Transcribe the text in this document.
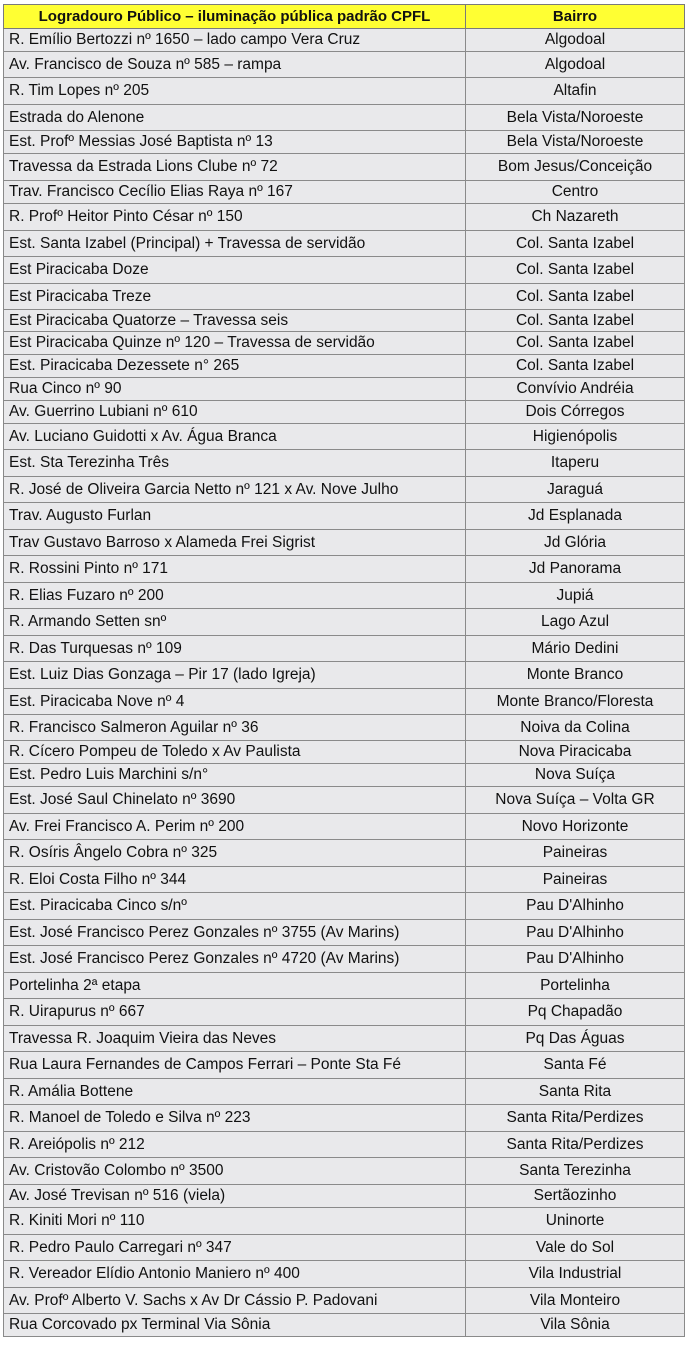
Logradouro Público – iluminação pública padrão CPFL	Bairro
R. Emílio Bertozzi nº 1650 – lado campo Vera Cruz	Algodoal
Av. Francisco de Souza nº 585 – rampa	Algodoal
R. Tim Lopes nº 205	Altafin
Estrada do Alenone	Bela Vista/Noroeste
Est. Profº Messias José Baptista nº 13	Bela Vista/Noroeste
Travessa da Estrada Lions Clube nº 72	Bom Jesus/Conceição
Trav. Francisco Cecílio Elias Raya nº 167	Centro
R. Profº Heitor Pinto César nº 150	Ch Nazareth
Est. Santa Izabel (Principal) + Travessa de servidão	Col. Santa Izabel
Est Piracicaba Doze	Col. Santa Izabel
Est Piracicaba Treze	Col. Santa Izabel
Est Piracicaba Quatorze – Travessa seis	Col. Santa Izabel
Est Piracicaba Quinze nº 120 – Travessa de servidão	Col. Santa Izabel
Est. Piracicaba Dezessete n° 265	Col. Santa Izabel
Rua Cinco nº 90	Convívio Andréia
Av. Guerrino Lubiani nº 610	Dois Córregos
Av. Luciano Guidotti x Av. Água Branca	Higienópolis
Est. Sta Terezinha Três	Itaperu
R. José de Oliveira Garcia Netto nº 121 x Av. Nove Julho	Jaraguá
Trav. Augusto Furlan	Jd Esplanada
Trav Gustavo Barroso x Alameda Frei Sigrist	Jd Glória
R. Rossini Pinto nº 171	Jd Panorama
R. Elias Fuzaro nº 200	Jupiá
R. Armando Setten snº	Lago Azul
R. Das Turquesas nº 109	Mário Dedini
Est. Luiz Dias Gonzaga – Pir 17 (lado Igreja)	Monte Branco
Est. Piracicaba Nove nº 4	Monte Branco/Floresta
R. Francisco Salmeron Aguilar nº 36	Noiva da Colina
R. Cícero Pompeu de Toledo x Av Paulista	Nova Piracicaba
Est. Pedro Luis Marchini s/n°	Nova Suíça
Est. José Saul Chinelato nº 3690	Nova Suíça – Volta GR
Av. Frei Francisco A. Perim nº 200	Novo Horizonte
R. Osíris Ângelo Cobra nº 325	Paineiras
R. Eloi Costa Filho nº 344	Paineiras
Est. Piracicaba Cinco s/nº	Pau D'Alhinho
Est. José Francisco Perez Gonzales nº 3755 (Av Marins)	Pau D'Alhinho
Est. José Francisco Perez Gonzales nº 4720 (Av Marins)	Pau D'Alhinho
Portelinha 2ª etapa	Portelinha
R. Uirapurus nº 667	Pq Chapadão
Travessa R. Joaquim Vieira das Neves	Pq Das Águas
Rua Laura Fernandes de Campos Ferrari – Ponte Sta Fé	Santa Fé
R. Amália Bottene	Santa Rita
R. Manoel de Toledo e Silva nº 223	Santa Rita/Perdizes
R. Areiópolis nº 212	Santa Rita/Perdizes
Av. Cristovão Colombo nº 3500	Santa Terezinha
Av. José Trevisan nº 516 (viela)	Sertãozinho
R. Kiniti Mori nº 110	Uninorte
R. Pedro Paulo Carregari nº 347	Vale do Sol
R. Vereador Elídio Antonio Maniero nº 400	Vila Industrial
Av. Profº Alberto V. Sachs x Av Dr Cássio P. Padovani	Vila Monteiro
Rua Corcovado px Terminal Via Sônia	Vila Sônia
